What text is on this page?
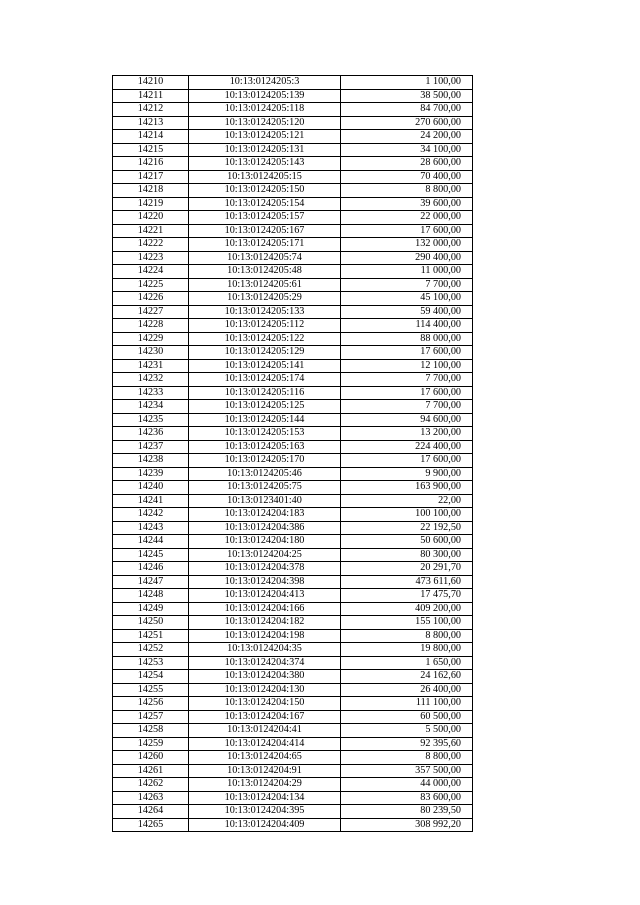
14210	10:13:0124205:3	1 100,00
14211	10:13:0124205:139	38 500,00
14212	10:13:0124205:118	84 700,00
14213	10:13:0124205:120	270 600,00
14214	10:13:0124205:121	24 200,00
14215	10:13:0124205:131	34 100,00
14216	10:13:0124205:143	28 600,00
14217	10:13:0124205:15	70 400,00
14218	10:13:0124205:150	8 800,00
14219	10:13:0124205:154	39 600,00
14220	10:13:0124205:157	22 000,00
14221	10:13:0124205:167	17 600,00
14222	10:13:0124205:171	132 000,00
14223	10:13:0124205:74	290 400,00
14224	10:13:0124205:48	11 000,00
14225	10:13:0124205:61	7 700,00
14226	10:13:0124205:29	45 100,00
14227	10:13:0124205:133	59 400,00
14228	10:13:0124205:112	114 400,00
14229	10:13:0124205:122	88 000,00
14230	10:13:0124205:129	17 600,00
14231	10:13:0124205:141	12 100,00
14232	10:13:0124205:174	7 700,00
14233	10:13:0124205:116	17 600,00
14234	10:13:0124205:125	7 700,00
14235	10:13:0124205:144	94 600,00
14236	10:13:0124205:153	13 200,00
14237	10:13:0124205:163	224 400,00
14238	10:13:0124205:170	17 600,00
14239	10:13:0124205:46	9 900,00
14240	10:13:0124205:75	163 900,00
14241	10:13:0123401:40	22,00
14242	10:13:0124204:183	100 100,00
14243	10:13:0124204:386	22 192,50
14244	10:13:0124204:180	50 600,00
14245	10:13:0124204:25	80 300,00
14246	10:13:0124204:378	20 291,70
14247	10:13:0124204:398	473 611,60
14248	10:13:0124204:413	17 475,70
14249	10:13:0124204:166	409 200,00
14250	10:13:0124204:182	155 100,00
14251	10:13:0124204:198	8 800,00
14252	10:13:0124204:35	19 800,00
14253	10:13:0124204:374	1 650,00
14254	10:13:0124204:380	24 162,60
14255	10:13:0124204:130	26 400,00
14256	10:13:0124204:150	111 100,00
14257	10:13:0124204:167	60 500,00
14258	10:13:0124204:41	5 500,00
14259	10:13:0124204:414	92 395,60
14260	10:13:0124204:65	8 800,00
14261	10:13:0124204:91	357 500,00
14262	10:13:0124204:29	44 000,00
14263	10:13:0124204:134	83 600,00
14264	10:13:0124204:395	80 239,50
14265	10:13:0124204:409	308 992,20
